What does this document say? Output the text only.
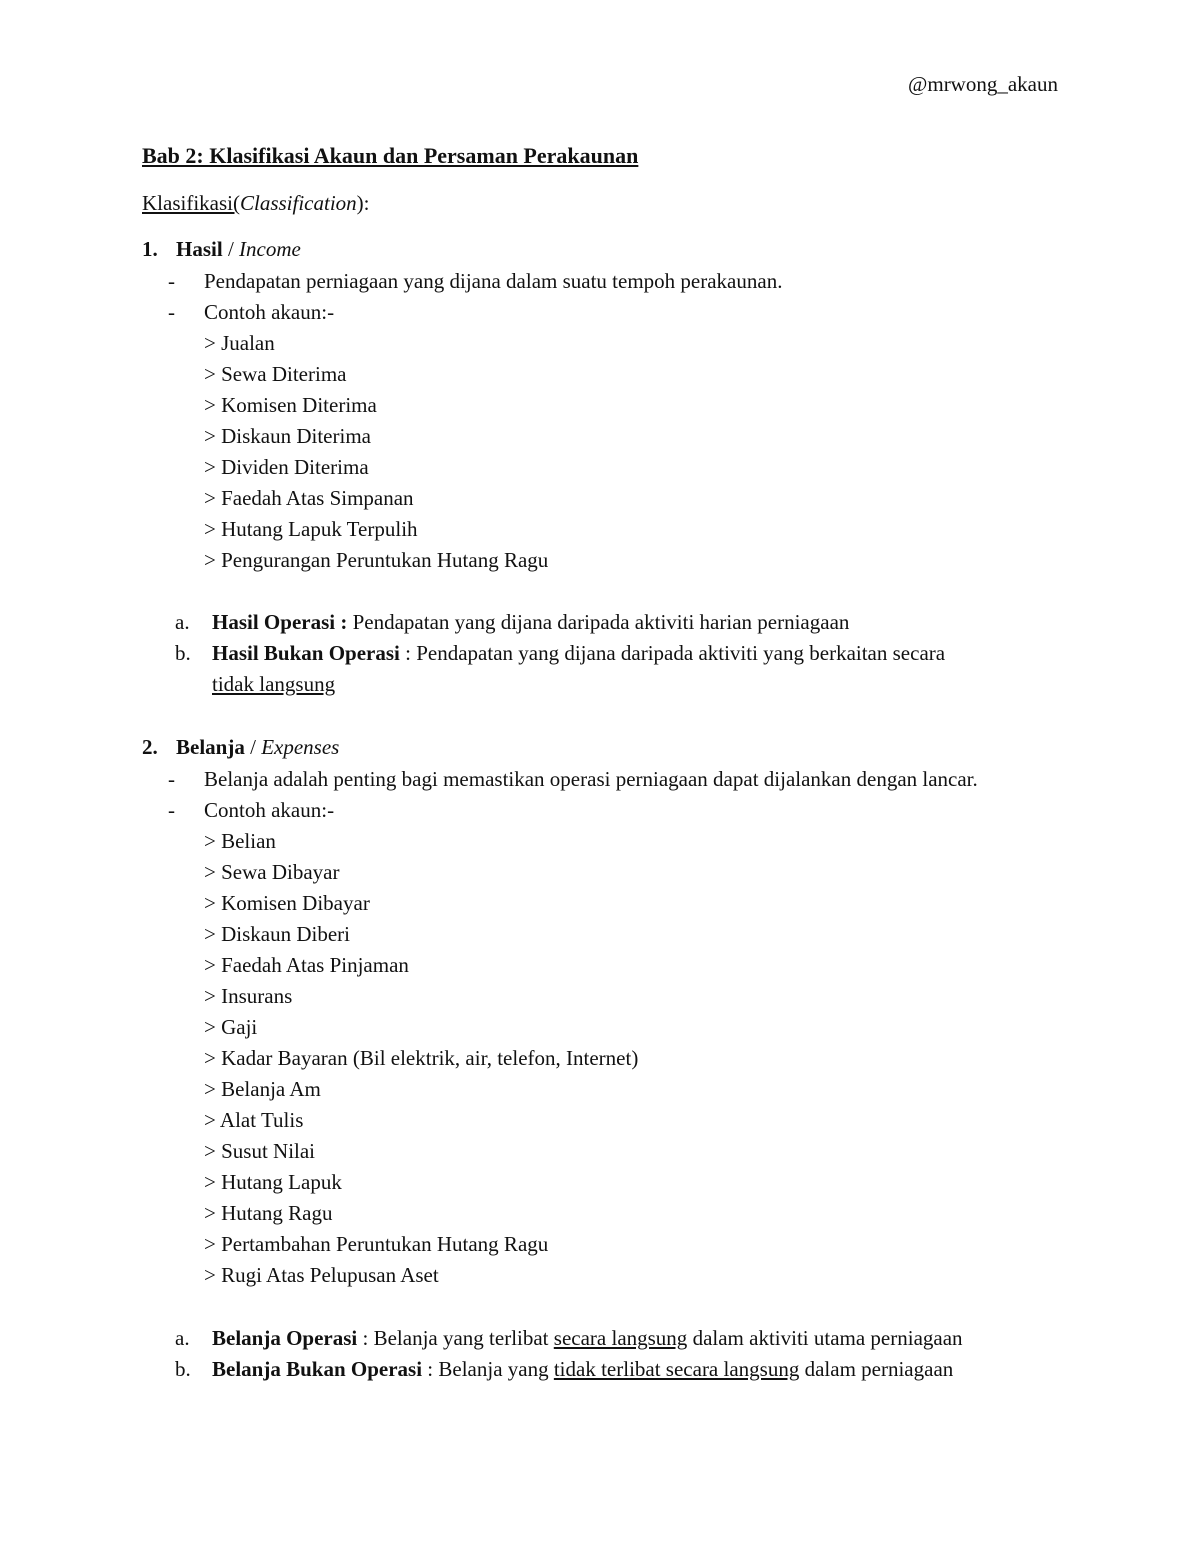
@mrwong_akaun
Bab 2: Klasifikasi Akaun dan Persaman Perakaunan
Klasifikasi(Classification):
1. Hasil / Income
- Pendapatan perniagaan yang dijana dalam suatu tempoh perakaunan.
- Contoh akaun:-
> Jualan
> Sewa Diterima
> Komisen Diterima
> Diskaun Diterima
> Dividen Diterima
> Faedah Atas Simpanan
> Hutang Lapuk Terpulih
> Pengurangan Peruntukan Hutang Ragu
a. Hasil Operasi : Pendapatan yang dijana daripada aktiviti harian perniagaan
b. Hasil Bukan Operasi : Pendapatan yang dijana daripada aktiviti yang berkaitan secara
tidak langsung
2. Belanja / Expenses
- Belanja adalah penting bagi memastikan operasi perniagaan dapat dijalankan dengan lancar.
- Contoh akaun:-
> Belian
> Sewa Dibayar
> Komisen Dibayar
> Diskaun Diberi
> Faedah Atas Pinjaman
> Insurans
> Gaji
> Kadar Bayaran (Bil elektrik, air, telefon, Internet)
> Belanja Am
> Alat Tulis
> Susut Nilai
> Hutang Lapuk
> Hutang Ragu
> Pertambahan Peruntukan Hutang Ragu
> Rugi Atas Pelupusan Aset
a. Belanja Operasi : Belanja yang terlibat secara langsung dalam aktiviti utama perniagaan
b. Belanja Bukan Operasi : Belanja yang tidak terlibat secara langsung dalam perniagaan
